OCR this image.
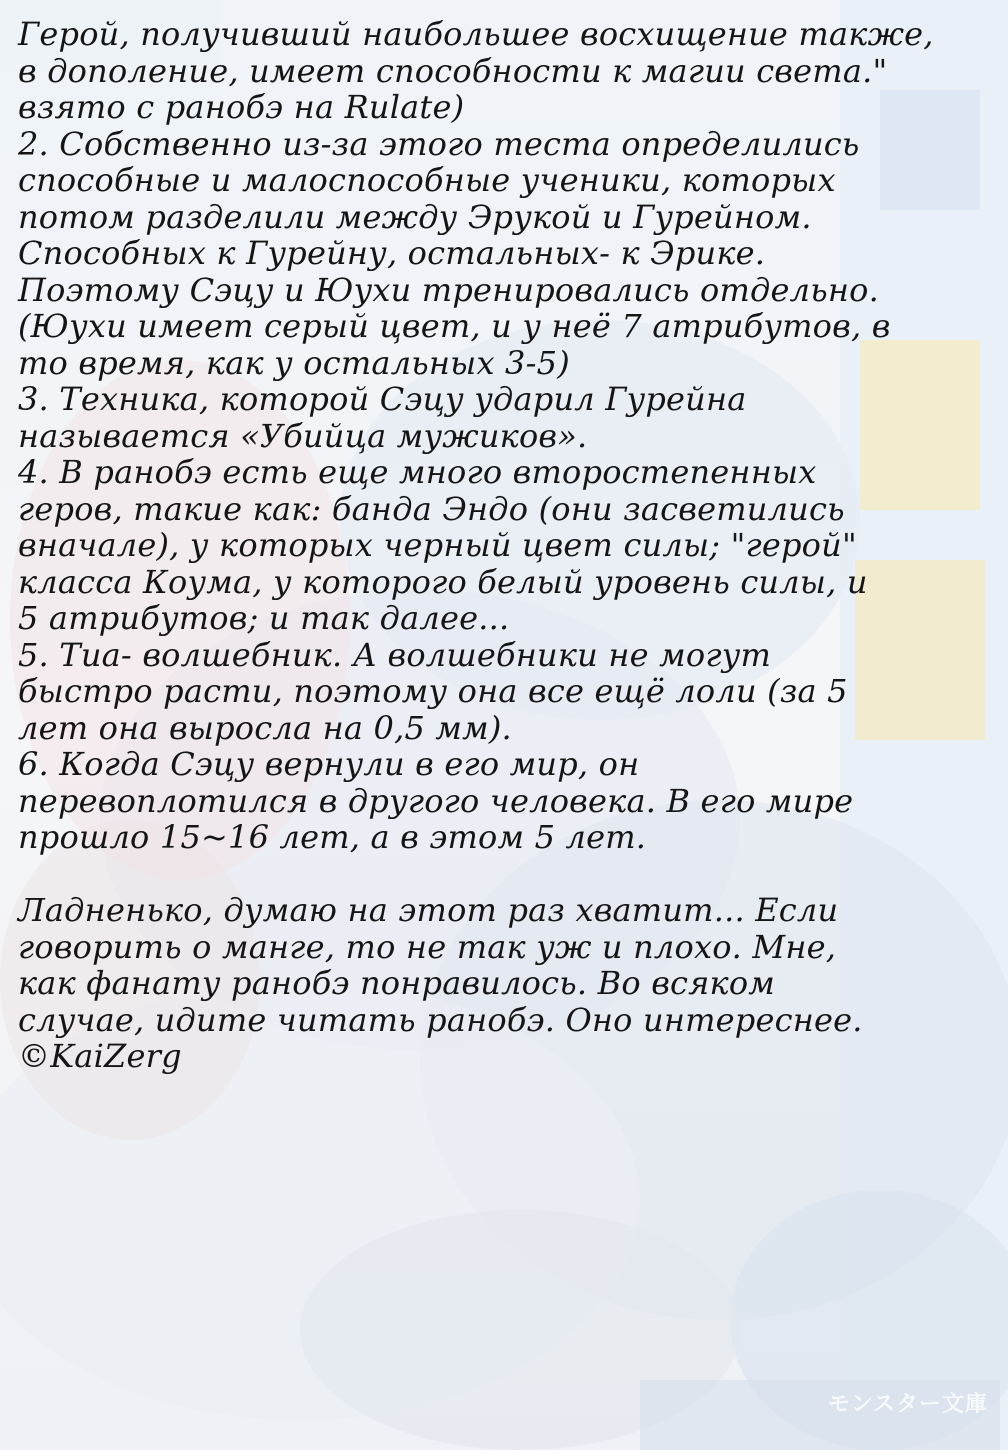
Герой, получивший наибольшее восхищение также,
в дополение, имеет способности к магии света."
взято с ранобэ на Rulate)
2. Собственно из-за этого теста определились
способные и малоспособные ученики, которых
потом разделили между Эрукой и Гурейном.
Способных к Гурейну, остальных- к Эрике.
Поэтому Сэцу и Юухи тренировались отдельно.
(Юухи имеет серый цвет, и у неё 7 атрибутов, в
то время, как у остальных 3-5)
3. Техника, которой Сэцу ударил Гурейна
называется «Убийца мужиков».
4. В ранобэ есть еще много второстепенных
геров, такие как: банда Эндо (они засветились
вначале), у которых черный цвет силы; "герой"
класса Коума, у которого белый уровень силы, и
5 атрибутов; и так далее...
5. Тиа- волшебник. А волшебники не могут
быстро расти, поэтому она все ещё лоли (за 5
лет она выросла на 0,5 мм).
6. Когда Сэцу вернули в его мир, он
перевоплотился в другого человека. В его мире
прошло 15~16 лет, а в этом 5 лет.
Ладненько, думаю на этот раз хватит... Если
говорить о манге, то не так уж и плохо. Мне,
как фанату ранобэ понравилось. Во всяком
случае, идите читать ранобэ. Оно интереснее.
©KaiZerg
モンスター文庫
